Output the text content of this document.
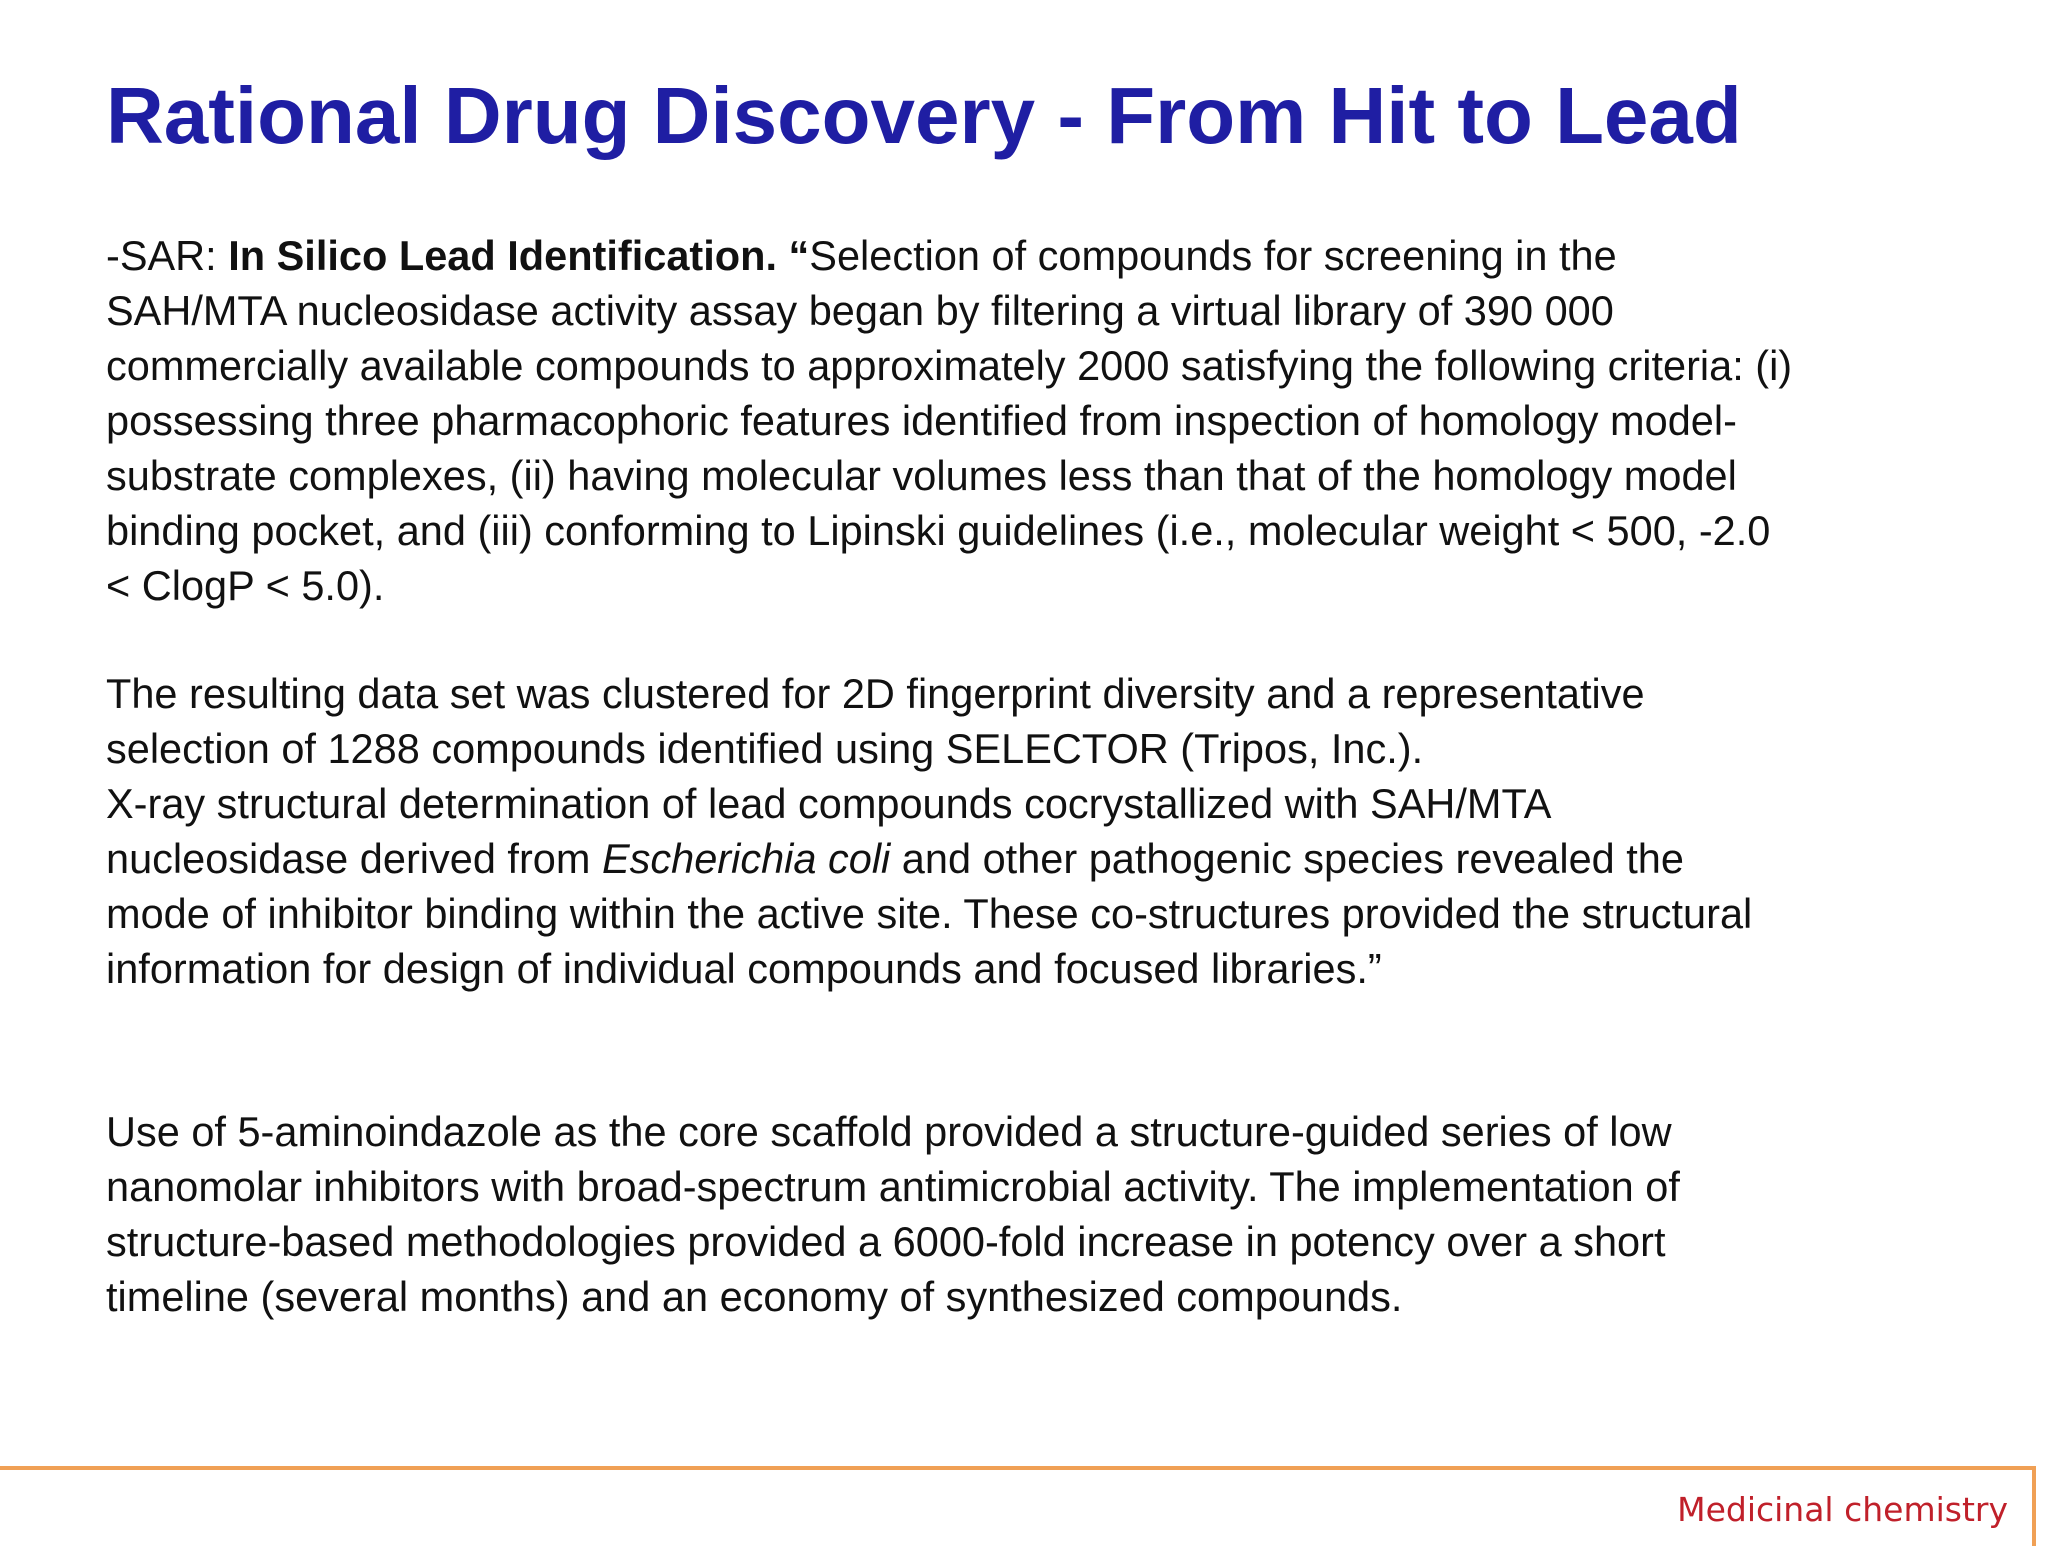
Rational Drug Discovery - From Hit to Lead
-SAR: In Silico Lead Identification. “Selection of compounds for screening in the
SAH/MTA nucleosidase activity assay began by filtering a virtual library of 390 000
commercially available compounds to approximately 2000 satisfying the following criteria: (i)
possessing three pharmacophoric features identified from inspection of homology model-
substrate complexes, (ii) having molecular volumes less than that of the homology model
binding pocket, and (iii) conforming to Lipinski guidelines (i.e., molecular weight < 500, -2.0
< ClogP < 5.0).
The resulting data set was clustered for 2D fingerprint diversity and a representative
selection of 1288 compounds identified using SELECTOR (Tripos, Inc.).
X-ray structural determination of lead compounds cocrystallized with SAH/MTA
nucleosidase derived from Escherichia coli and other pathogenic species revealed the
mode of inhibitor binding within the active site. These co-structures provided the structural
information for design of individual compounds and focused libraries.”
Use of 5-aminoindazole as the core scaffold provided a structure-guided series of low
nanomolar inhibitors with broad-spectrum antimicrobial activity. The implementation of
structure-based methodologies provided a 6000-fold increase in potency over a short
timeline (several months) and an economy of synthesized compounds.
Medicinal chemistry
